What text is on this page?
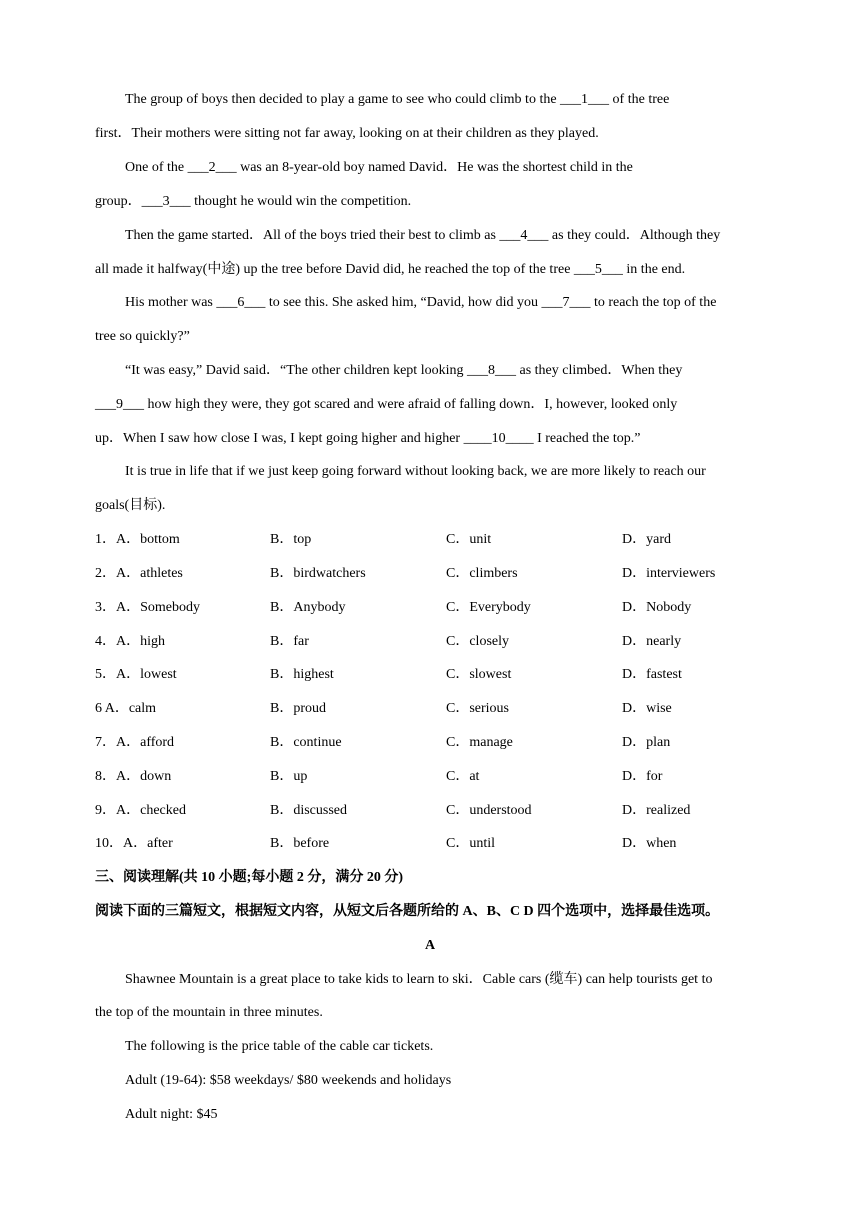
The group of boys then decided to play a game to see who could climb to the ___1___ of the tree
first．Their mothers were sitting not far away, looking on at their children as they played.
One of the ___2___ was an 8-year-old boy named David．He was the shortest child in the
group．___3___ thought he would win the competition.
Then the game started．All of the boys tried their best to climb as ___4___ as they could．Although they
all made it halfway(中途) up the tree before David did, he reached the top of the tree ___5___ in the end.
His mother was ___6___ to see this. She asked him, “David, how did you ___7___ to reach the top of the
tree so quickly?”
“It was easy,” David said．“The other children kept looking ___8___ as they climbed．When they
___9___ how high they were, they got scared and were afraid of falling down．I, however, looked only
up．When I saw how close I was, I kept going higher and higher ____10____ I reached the top.”
It is true in life that if we just keep going forward without looking back, we are more likely to reach our
goals(目标).
1．A．bottom	B．top	C．unit	D．yard
2．A．athletes	B．birdwatchers	C．climbers	D．interviewers
3．A．Somebody	B．Anybody	C．Everybody	D．Nobody
4．A．high	B．far	C．closely	D．nearly
5．A．lowest	B．highest	C．slowest	D．fastest
6 A．calm	B．proud	C．serious	D．wise
7．A．afford	B．continue	C．manage	D．plan
8．A．down	B．up	C．at	D．for
9．A．checked	B．discussed	C．understood	D．realized
10．A．after	B．before	C．until	D．when
三、阅读理解(共 10 小题;每小题 2 分，满分 20 分)
阅读下面的三篇短文，根据短文内容，从短文后各题所给的 A、B、C D 四个选项中，选择最佳选项。
A
Shawnee Mountain is a great place to take kids to learn to ski．Cable cars (缆车) can help tourists get to
the top of the mountain in three minutes.
The following is the price table of the cable car tickets.
Adult (19-64): $58 weekdays/ $80 weekends and holidays
Adult night: $45
